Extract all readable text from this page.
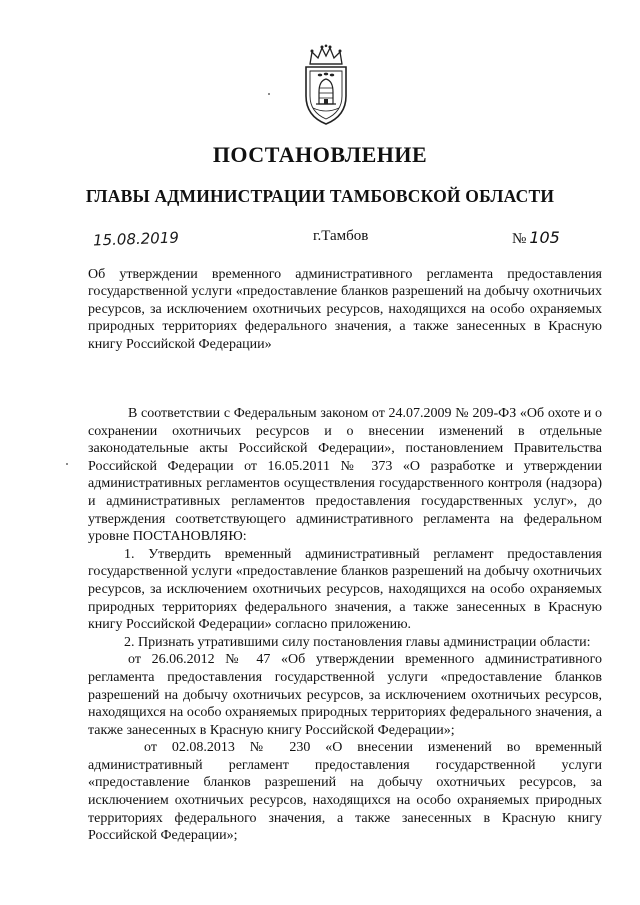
ПОСТАНОВЛЕНИЕ
ГЛАВЫ АДМИНИСТРАЦИИ ТАМБОВСКОЙ ОБЛАСТИ
15.08.2019	г.Тамбов	№ 105

Об утверждении временного административного регламента предоставления государственной услуги «предоставление бланков разрешений на добычу охотничьих ресурсов, за исключением охотничьих ресурсов, находящихся на особо охраняемых природных территориях федерального значения, а также занесенных в Красную книгу Российской Федерации»

В соответствии с Федеральным законом от 24.07.2009 № 209-ФЗ «Об охоте и о сохранении охотничьих ресурсов и о внесении изменений в отдельные законодательные акты Российской Федерации», постановлением Правительства Российской Федерации от 16.05.2011 № 373 «О разработке и утверждении административных регламентов осуществления государственного контроля (надзора) и административных регламентов предоставления государственных услуг», до утверждения соответствующего административного регламента на федеральном уровне ПОСТАНОВЛЯЮ:

1. Утвердить временный административный регламент предоставления государственной услуги «предоставление бланков разрешений на добычу охотничьих ресурсов, за исключением охотничьих ресурсов, находящихся на особо охраняемых природных территориях федерального значения, а также занесенных в Красную книгу Российской Федерации» согласно приложению.

2. Признать утратившими силу постановления главы администрации области:

от 26.06.2012 № 47 «Об утверждении временного административного регламента предоставления государственной услуги «предоставление бланков разрешений на добычу охотничьих ресурсов, за исключением охотничьих ресурсов, находящихся на особо охраняемых природных территориях федерального значения, а также занесенных в Красную книгу Российской Федерации»;

от 02.08.2013 № 230 «О внесении изменений во временный административный регламент предоставления государственной услуги «предоставление бланков разрешений на добычу охотничьих ресурсов, за исключением охотничьих ресурсов, находящихся на особо охраняемых природных территориях федерального значения, а также занесенных в Красную книгу Российской Федерации»;
